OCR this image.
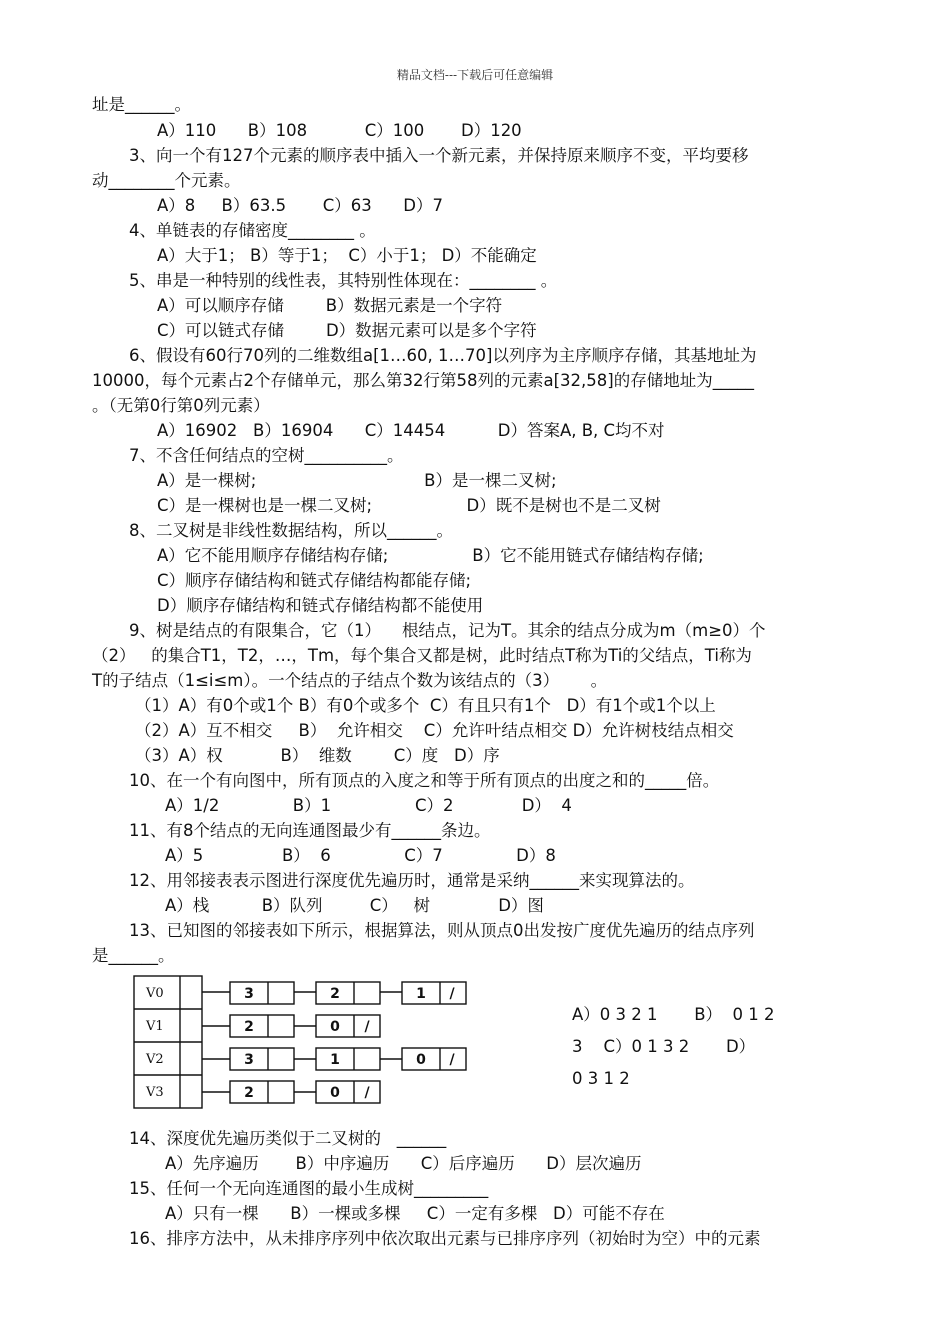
精品文档---下载后可任意编辑
址是______。
A）110      B）108           C）100       D）120
3、向一个有127个元素的顺序表中插入一个新元素，并保持原来顺序不变，平均要移
动________个元素。
A）8     B）63.5       C）63      D）7
4、单链表的存储密度________ 。
A）大于1； B）等于1；  C）小于1； D）不能确定
5、串是一种特别的线性表，其特别性体现在：________ 。
A）可以顺序存储        B）数据元素是一个字符
C）可以链式存储        D）数据元素可以是多个字符
6、假设有60行70列的二维数组a[1…60, 1…70]以列序为主序顺序存储，其基地址为
10000，每个元素占2个存储单元，那么第32行第58列的元素a[32,58]的存储地址为_____
。（无第0行第0列元素）
A）16902   B）16904      C）14454          D）答案A, B, C均不对
7、不含任何结点的空树__________。
A）是一棵树;                                B）是一棵二叉树;
C）是一棵树也是一棵二叉树;                  D）既不是树也不是二叉树
8、二叉树是非线性数据结构，所以______。
A）它不能用顺序存储结构存储;                B）它不能用链式存储结构存储;
C）顺序存储结构和链式存储结构都能存储;
D）顺序存储结构和链式存储结构都不能使用
9、树是结点的有限集合，它（1）    根结点，记为T。其余的结点分成为m（m≥0）个
（2）   的集合T1，T2，…，Tm，每个集合又都是树，此时结点T称为Ti的父结点，Ti称为
T的子结点（1≤i≤m）。一个结点的子结点个数为该结点的（3）      。
（1）A）有0个或1个 B）有0个或多个  C）有且只有1个   D）有1个或1个以上
（2）A）互不相交     B）  允许相交    C）允许叶结点相交 D）允许树枝结点相交
（3）A）权           B）  维数        C）度   D）序
10、在一个有向图中，所有顶点的入度之和等于所有顶点的出度之和的_____倍。
A）1/2              B）1                C）2             D）  4
11、有8个结点的无向连通图最少有______条边。
A）5               B）  6              C）7              D）8
12、用邻接表表示图进行深度优先遍历时，通常是采纳______来实现算法的。
A）栈          B）队列         C）   树             D）图
13、已知图的邻接表如下所示，根据算法，则从顶点0出发按广度优先遍历的结点序列
是______。
V0
V1
V2
V3
3	2	1 /
2	0 /
3	1	0 /
2	0 /
A）0 3 2 1       B）  0 1 2
3    C）0 1 3 2       D）
0 3 1 2
14、深度优先遍历类似于二叉树的   ______
A）先序遍历       B）中序遍历      C）后序遍历      D）层次遍历
15、任何一个无向连通图的最小生成树_________
A）只有一棵      B）一棵或多棵     C）一定有多棵   D）可能不存在
16、排序方法中，从未排序序列中依次取出元素与已排序序列（初始时为空）中的元素
